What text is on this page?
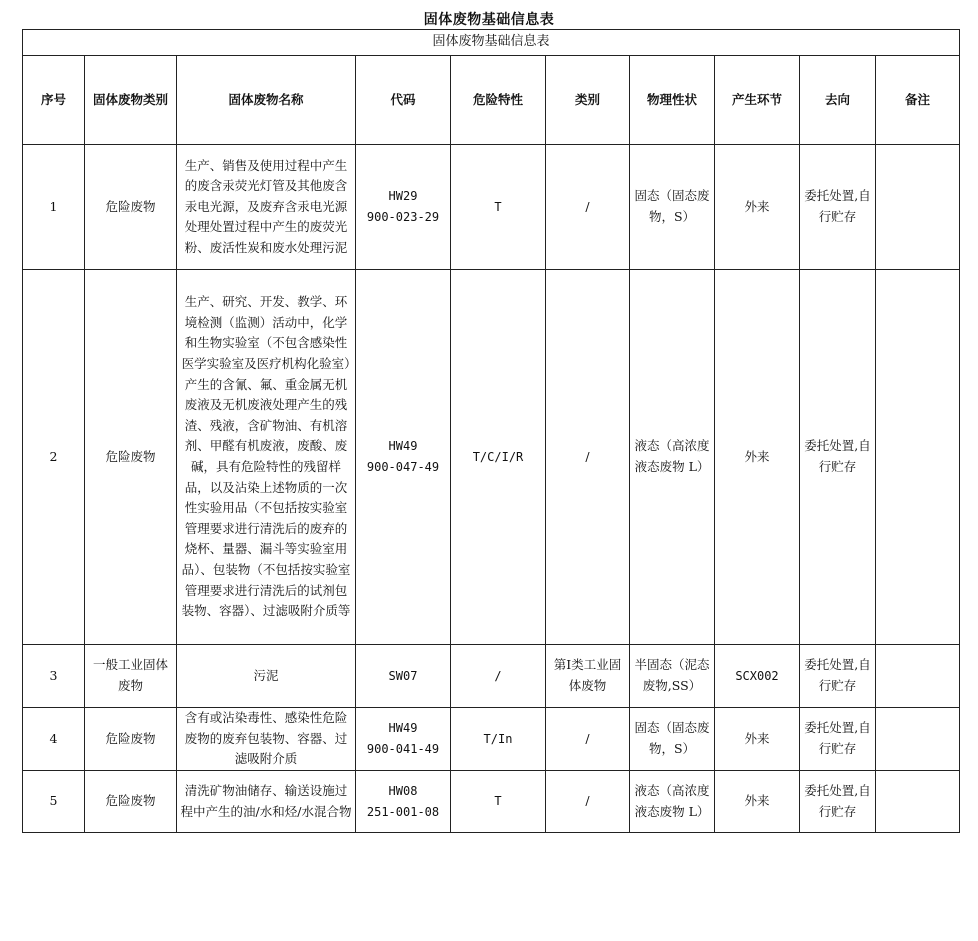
固体废物基础信息表
固体废物基础信息表									
序号	固体废物类别	固体废物名称	代码	危险特性	类别	物理性状	产生环节	去向	备注
1	危险废物	生产、销售及使用过程中产生的废含汞荧光灯管及其他废含汞电光源，及废弃含汞电光源处理处置过程中产生的废荧光粉、废活性炭和废水处理污泥	HW29
900-023-29	T	/	固态（固态废物，S）	外来	委托处置,自行贮存	
2	危险废物	生产、研究、开发、教学、环境检测（监测）活动中，化学和生物实验室（不包含感染性医学实验室及医疗机构化验室）产生的含氰、氟、重金属无机废液及无机废液处理产生的残渣、残液，含矿物油、有机溶剂、甲醛有机废液，废酸、废碱，具有危险特性的残留样品，以及沾染上述物质的一次性实验用品（不包括按实验室管理要求进行清洗后的废弃的烧杯、量器、漏斗等实验室用品）、包装物（不包括按实验室管理要求进行清洗后的试剂包装物、容器）、过滤吸附介质等	HW49
900-047-49	T/C/I/R	/	液态（高浓度液态废物 L）	外来	委托处置,自行贮存	
3	一般工业固体废物	污泥	SW07	/	第Ⅰ类工业固体废物	半固态（泥态废物,SS）	SCX002	委托处置,自行贮存	
4	危险废物	含有或沾染毒性、感染性危险废物的废弃包装物、容器、过滤吸附介质	HW49
900-041-49	T/In	/	固态（固态废物，S）	外来	委托处置,自行贮存	
5	危险废物	清洗矿物油储存、输送设施过程中产生的油/水和烃/水混合物	HW08
251-001-08	T	/	液态（高浓度液态废物 L）	外来	委托处置,自行贮存	
